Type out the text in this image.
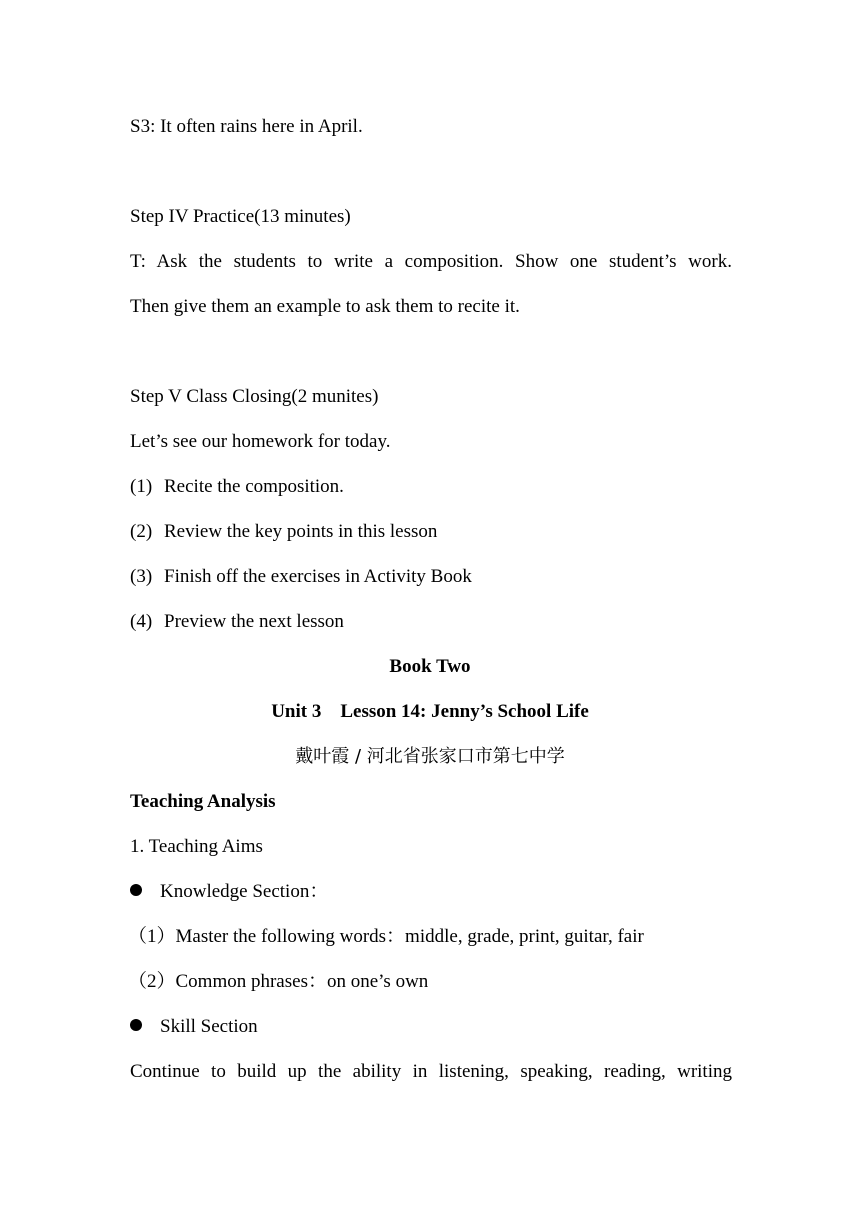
S3: It often rains here in April.
Step IV Practice(13 minutes)
T: Ask the students to write a composition. Show one student’s work.
Then give them an example to ask them to recite it.
Step V Class Closing(2 munites)
Let’s see our homework for today.
(1) Recite the composition.
(2) Review the key points in this lesson
(3) Finish off the exercises in Activity Book
(4) Preview the next lesson
Book Two
Unit 3    Lesson 14: Jenny’s School Life
戴叶霞 / 河北省张家口市第七中学
Teaching Analysis
1. Teaching Aims
Knowledge Section：
（1）Master the following words：middle, grade, print, guitar, fair
（2）Common phrases：on one’s own
Skill Section
Continue to build up the ability in listening, speaking, reading, writing
